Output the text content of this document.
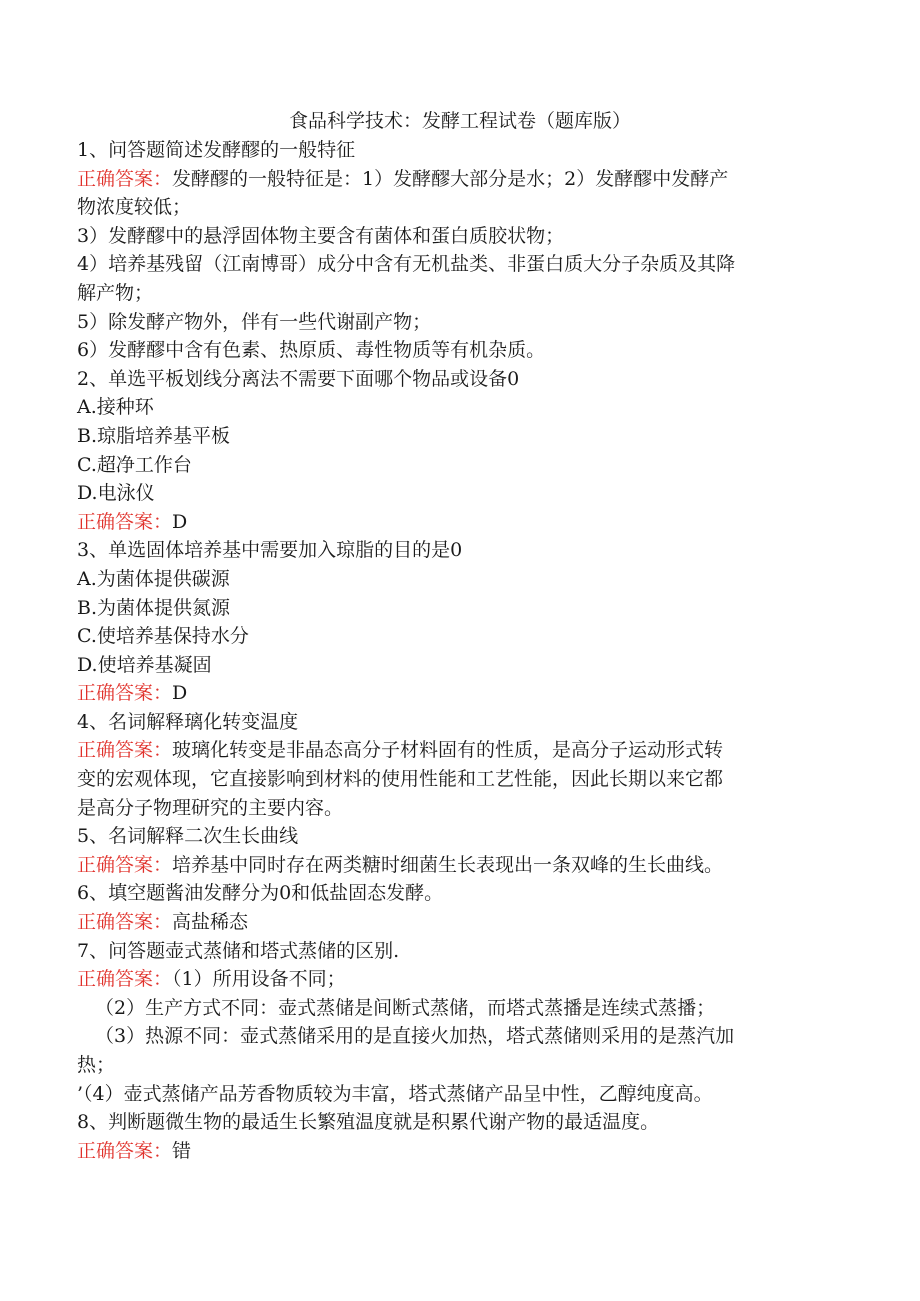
食品科学技术：发酵工程试卷（题库版）

1、问答题简述发酵醪的一般特征

正确答案：发酵醪的一般特征是：1）发酵醪大部分是水；2）发酵醪中发酵产

物浓度较低；

3）发酵醪中的悬浮固体物主要含有菌体和蛋白质胶状物；

4）培养基残留（江南博哥）成分中含有无机盐类、非蛋白质大分子杂质及其降

解产物；

5）除发酵产物外，伴有一些代谢副产物；

6）发酵醪中含有色素、热原质、毒性物质等有机杂质。

2、单选平板划线分离法不需要下面哪个物品或设备0

A.接种环

B.琼脂培养基平板

C.超净工作台

D.电泳仪

正确答案：D

3、单选固体培养基中需要加入琼脂的目的是0

A.为菌体提供碳源

B.为菌体提供氮源

C.使培养基保持水分

D.使培养基凝固

正确答案：D

4、名词解释璃化转变温度

正确答案：玻璃化转变是非晶态高分子材料固有的性质，是高分子运动形式转

变的宏观体现，它直接影响到材料的使用性能和工艺性能，因此长期以来它都

是高分子物理研究的主要内容。

5、名词解释二次生长曲线

正确答案：培养基中同时存在两类糖时细菌生长表现出一条双峰的生长曲线。

6、填空题酱油发酵分为0和低盐固态发酵。

正确答案：高盐稀态

7、问答题壶式蒸储和塔式蒸储的区别.

正确答案：（1）所用设备不同；

（2）生产方式不同：壶式蒸储是间断式蒸储，而塔式蒸播是连续式蒸播；

（3）热源不同：壶式蒸储采用的是直接火加热，塔式蒸储则采用的是蒸汽加

热；

’（4）壶式蒸储产品芳香物质较为丰富，塔式蒸储产品呈中性，乙醇纯度高。

8、判断题微生物的最适生长繁殖温度就是积累代谢产物的最适温度。

正确答案：错
